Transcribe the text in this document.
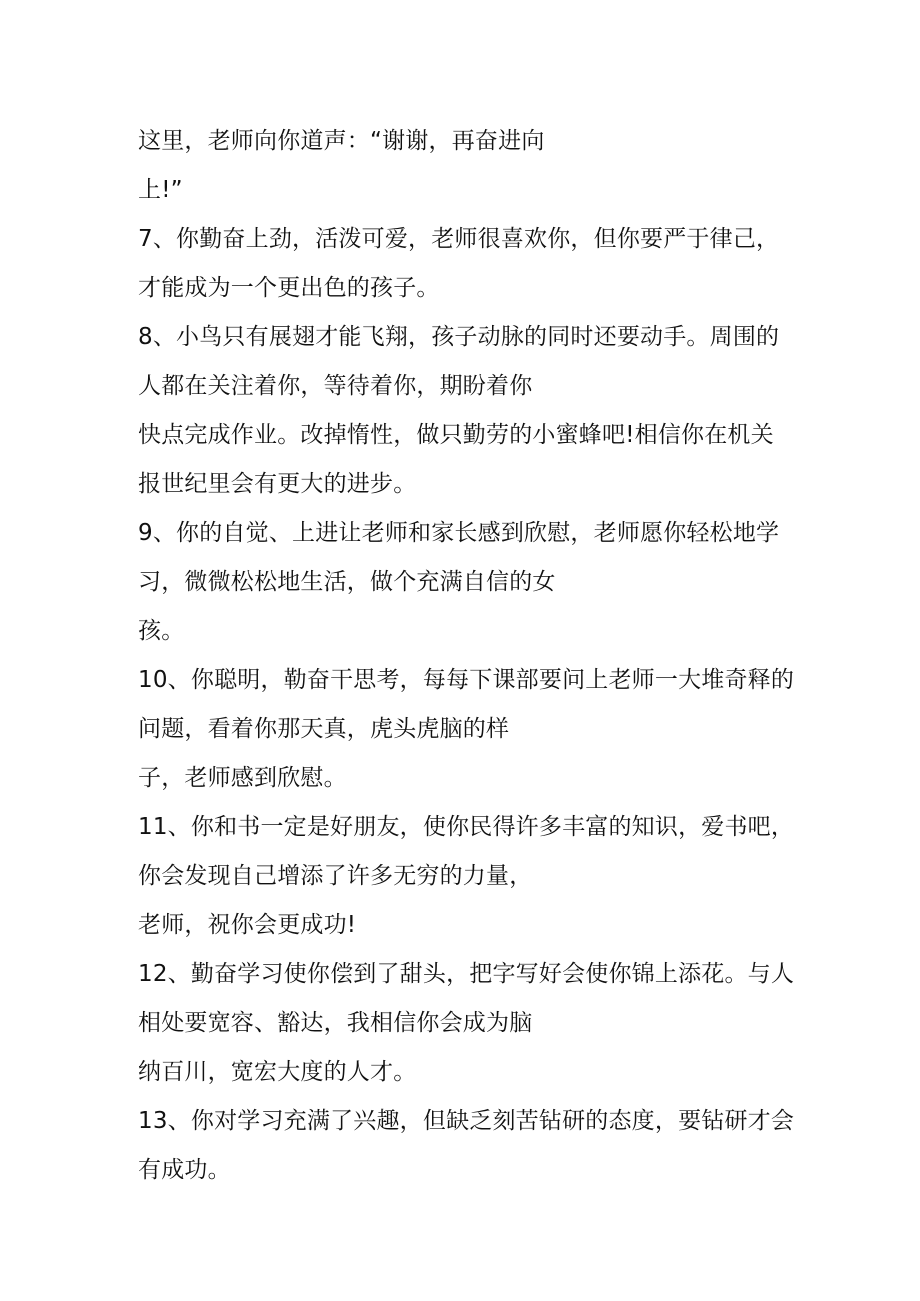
这里，老师向你道声：“谢谢，再奋进向
上!”
7、你勤奋上劲，活泼可爱，老师很喜欢你，但你要严于律己，
才能成为一个更出色的孩子。
8、小鸟只有展翅才能飞翔，孩子动脉的同时还要动手。周围的
人都在关注着你，等待着你，期盼着你
快点完成作业。改掉惰性，做只勤劳的小蜜蜂吧!相信你在机关
报世纪里会有更大的进步。
9、你的自觉、上进让老师和家长感到欣慰，老师愿你轻松地学
习，微微松松地生活，做个充满自信的女
孩。
10、你聪明，勒奋干思考，每每下课部要问上老师一大堆奇释的
问题，看着你那天真，虎头虎脑的样
子，老师感到欣慰。
11、你和书一定是好朋友，使你民得许多丰富的知识，爱书吧，
你会发现自己增添了许多无穷的力量，
老师，祝你会更成功!
12、勤奋学习使你偿到了甜头，把字写好会使你锦上添花。与人
相处要宽容、豁达，我相信你会成为脑
纳百川，宽宏大度的人才。
13、你对学习充满了兴趣，但缺乏刻苦钻研的态度，要钻研才会
有成功。
